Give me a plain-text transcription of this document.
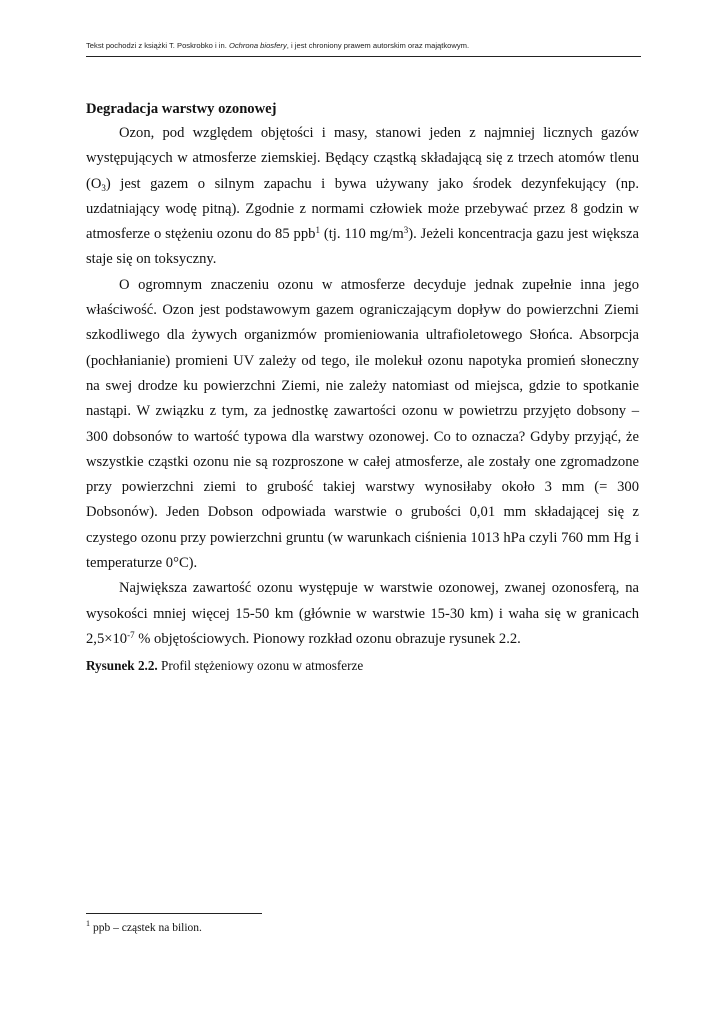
Tekst pochodzi z książki T. Poskrobko i in. Ochrona biosfery, i jest chroniony prawem autorskim oraz majątkowym.
Degradacja warstwy ozonowej

Ozon, pod względem objętości i masy, stanowi jeden z najmniej licznych gazów występujących w atmosferze ziemskiej. Będący cząstką składającą się z trzech atomów tlenu $(O_3)$ jest gazem o silnym zapachu i bywa używany jako środek dezynfekujący (np. uzdatniający wodę pitną). Zgodnie z normami człowiek może przebywać przez 8 godzin w atmosferze o stężeniu ozonu do 85 ppb$^1$ (tj. 110 $mg/m^3$). Jeżeli koncentracja gazu jest większa staje się on toksyczny.

O ogromnym znaczeniu ozonu w atmosferze decyduje jednak zupełnie inna jego właściwość. Ozon jest podstawowym gazem ograniczającym dopływ do powierzchni Ziemi szkodliwego dla żywych organizmów promieniowania ultrafioletowego Słońca. Absorpcja (pochłanianie) promieni UV zależy od tego, ile molekuł ozonu napotyka promień słoneczny na swej drodze ku powierzchni Ziemi, nie zależy natomiast od miejsca, gdzie to spotkanie nastąpi. W związku z tym, za jednostkę zawartości ozonu w powietrzu przyjęto dobsony – 300 dobsonów to wartość typowa dla warstwy ozonowej. Co to oznacza? Gdyby przyjąć, że wszystkie cząstki ozonu nie są rozproszone w całej atmosferze, ale zostały one zgromadzone przy powierzchni ziemi to grubość takiej warstwy wynosiłaby około 3 mm (= 300 Dobsonów). Jeden Dobson odpowiada warstwie o grubości 0,01 mm składającej się z czystego ozonu przy powierzchni gruntu (w warunkach ciśnienia 1013 hPa czyli 760 mm Hg i temperaturze 0°C).

Największa zawartość ozonu występuje w warstwie ozonowej, zwanej ozonosferą, na wysokości mniej więcej 15-50 km (głównie w warstwie 15-30 km) i waha się w granicach $2,5\times 10^{-7}$ % objętościowych. Pionowy rozkład ozonu obrazuje rysunek 2.2.

Rysunek 2.2. Profil stężeniowy ozonu w atmosferze
$^1$ ppb – cząstek na bilion.
